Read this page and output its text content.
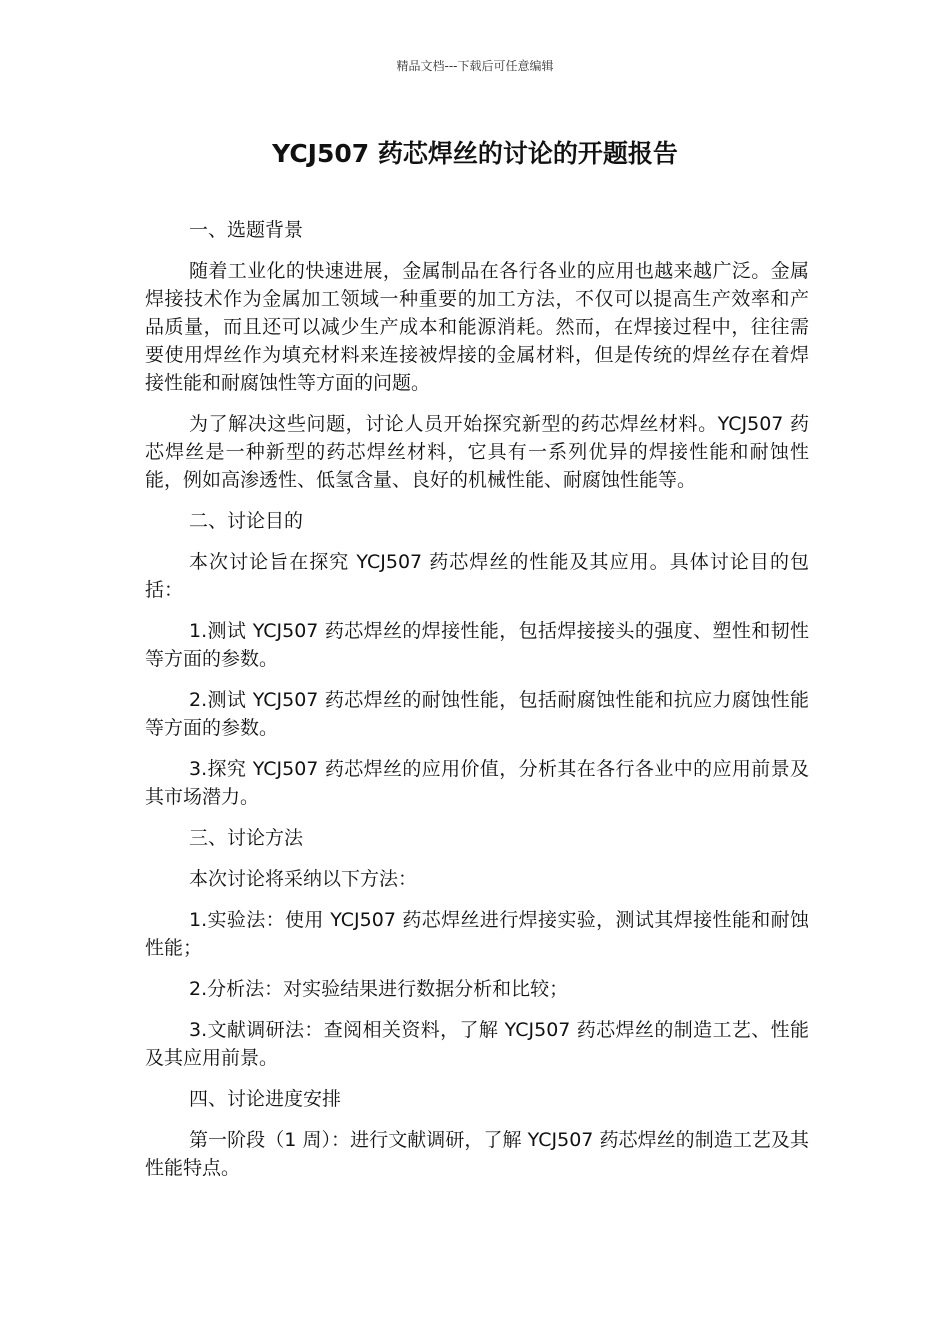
精品文档---下载后可任意编辑
YCJ507 药芯焊丝的讨论的开题报告

一、选题背景

随着工业化的快速进展，金属制品在各行各业的应用也越来越广泛。金属焊接技术作为金属加工领域一种重要的加工方法，不仅可以提高生产效率和产品质量，而且还可以减少生产成本和能源消耗。然而，在焊接过程中，往往需要使用焊丝作为填充材料来连接被焊接的金属材料，但是传统的焊丝存在着焊接性能和耐腐蚀性等方面的问题。

为了解决这些问题，讨论人员开始探究新型的药芯焊丝材料。YCJ507 药芯焊丝是一种新型的药芯焊丝材料，它具有一系列优异的焊接性能和耐蚀性能，例如高渗透性、低氢含量、良好的机械性能、耐腐蚀性能等。

二、讨论目的

本次讨论旨在探究 YCJ507 药芯焊丝的性能及其应用。具体讨论目的包括：

1.测试 YCJ507 药芯焊丝的焊接性能，包括焊接接头的强度、塑性和韧性等方面的参数。

2.测试 YCJ507 药芯焊丝的耐蚀性能，包括耐腐蚀性能和抗应力腐蚀性能等方面的参数。

3.探究 YCJ507 药芯焊丝的应用价值，分析其在各行各业中的应用前景及其市场潜力。

三、讨论方法

本次讨论将采纳以下方法：

1.实验法：使用 YCJ507 药芯焊丝进行焊接实验，测试其焊接性能和耐蚀性能；

2.分析法：对实验结果进行数据分析和比较；

3.文献调研法：查阅相关资料，了解 YCJ507 药芯焊丝的制造工艺、性能及其应用前景。

四、讨论进度安排

第一阶段（1 周）：进行文献调研，了解 YCJ507 药芯焊丝的制造工艺及其性能特点。
